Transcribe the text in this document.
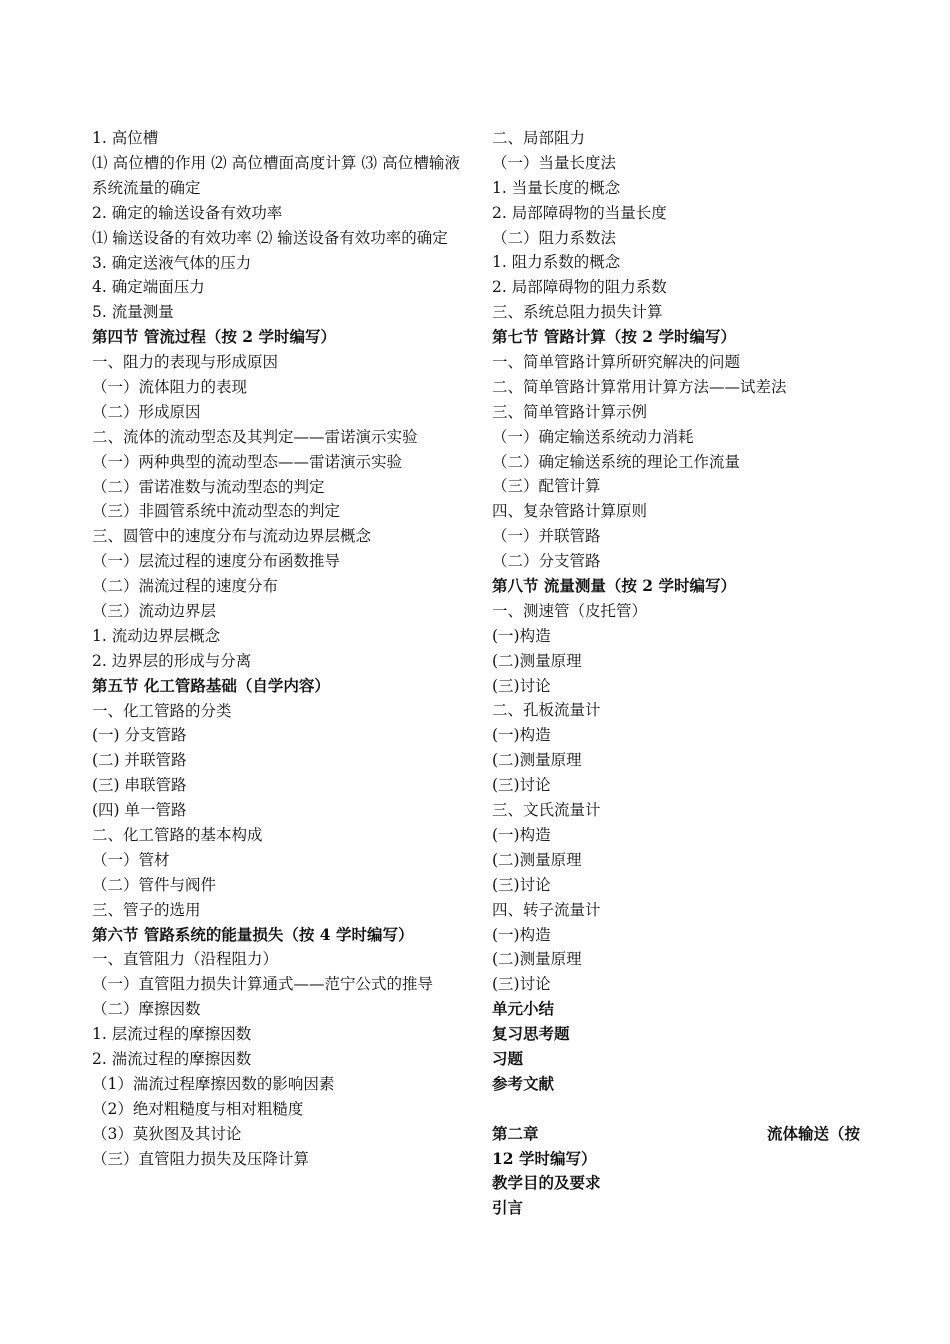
1. 高位槽
⑴ 高位槽的作用 ⑵ 高位槽面高度计算 ⑶ 高位槽输液系统流量的确定
2. 确定的输送设备有效功率
⑴ 输送设备的有效功率 ⑵ 输送设备有效功率的确定
3. 确定送液气体的压力
4. 确定端面压力
5. 流量测量
第四节 管流过程（按 2 学时编写）
一、阻力的表现与形成原因
（一）流体阻力的表现
（二）形成原因
二、流体的流动型态及其判定——雷诺演示实验
（一）两种典型的流动型态——雷诺演示实验
（二）雷诺准数与流动型态的判定
（三）非圆管系统中流动型态的判定
三、圆管中的速度分布与流动边界层概念
（一）层流过程的速度分布函数推导
（二）湍流过程的速度分布
（三）流动边界层
1. 流动边界层概念
2. 边界层的形成与分离
第五节 化工管路基础（自学内容）
一、化工管路的分类
(一) 分支管路
(二) 并联管路
(三) 串联管路
(四) 单一管路
二、化工管路的基本构成
（一）管材
（二）管件与阀件
三、管子的选用
第六节 管路系统的能量损失（按 4 学时编写）
一、直管阻力（沿程阻力）
（一）直管阻力损失计算通式——范宁公式的推导
（二）摩擦因数
1. 层流过程的摩擦因数
2. 湍流过程的摩擦因数
（1）湍流过程摩擦因数的影响因素
（2）绝对粗糙度与相对粗糙度
（3）莫狄图及其讨论
（三）直管阻力损失及压降计算
二、局部阻力
（一）当量长度法
1. 当量长度的概念
2. 局部障碍物的当量长度
（二）阻力系数法
1. 阻力系数的概念
2. 局部障碍物的阻力系数
三、系统总阻力损失计算
第七节 管路计算（按 2 学时编写）
一、简单管路计算所研究解决的问题
二、简单管路计算常用计算方法——试差法
三、简单管路计算示例
（一）确定输送系统动力消耗
（二）确定输送系统的理论工作流量
（三）配管计算
四、复杂管路计算原则
（一）并联管路
（二）分支管路
第八节 流量测量（按 2 学时编写）
一、测速管（皮托管）
(一)构造
(二)测量原理
(三)讨论
二、孔板流量计
(一)构造
(二)测量原理
(三)讨论
三、文氏流量计
(一)构造
(二)测量原理
(三)讨论
四、转子流量计
(一)构造
(二)测量原理
(三)讨论
单元小结
复习思考题
习题
参考文献
第二章	流体输送（按
12 学时编写）
教学目的及要求
引言
